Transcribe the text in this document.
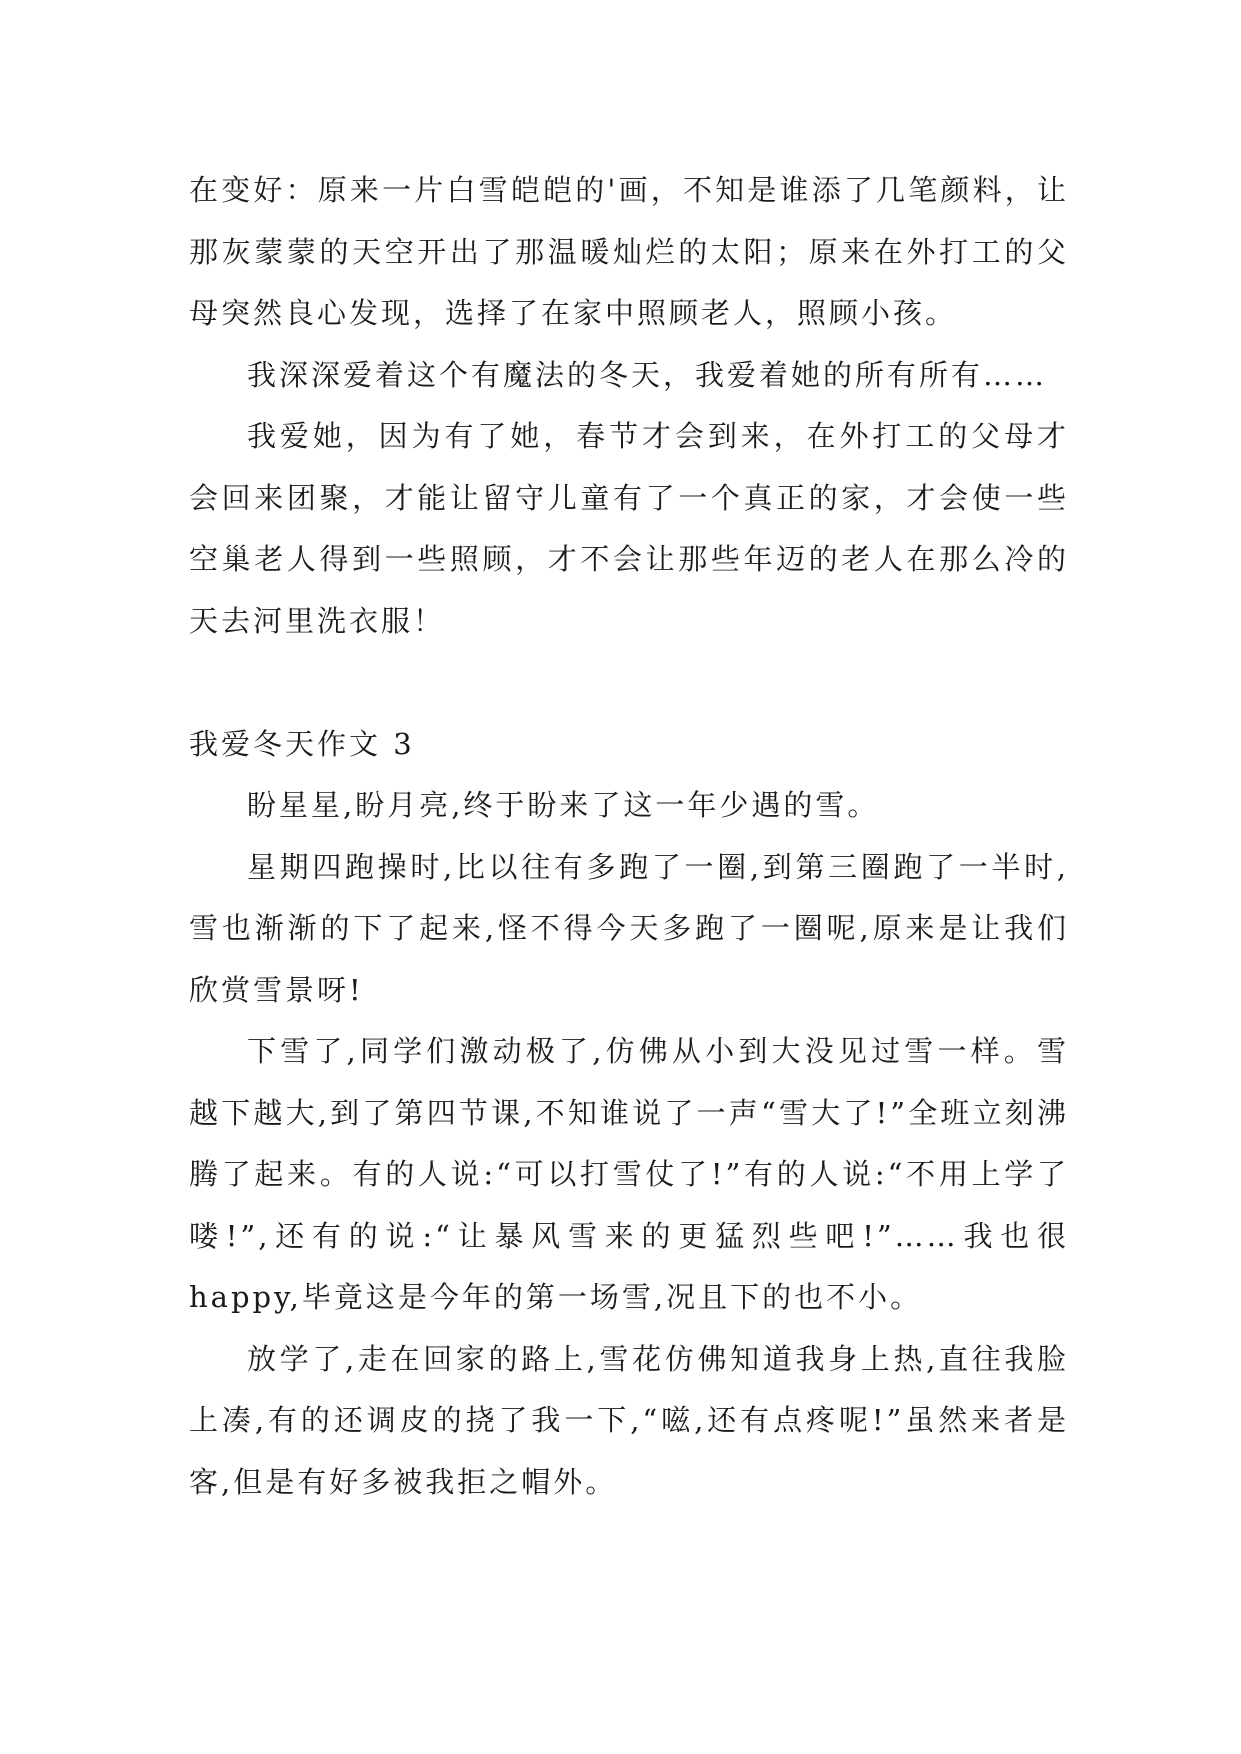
在变好：原来一片白雪皑皑的'画，不知是谁添了几笔颜料，让那灰蒙蒙的天空开出了那温暖灿烂的太阳；原来在外打工的父母突然良心发现，选择了在家中照顾老人，照顾小孩。

我深深爱着这个有魔法的冬天，我爱着她的所有所有……

我爱她，因为有了她，春节才会到来，在外打工的父母才会回来团聚，才能让留守儿童有了一个真正的家，才会使一些空巢老人得到一些照顾，才不会让那些年迈的老人在那么冷的天去河里洗衣服！

我爱冬天作文 3

盼星星,盼月亮,终于盼来了这一年少遇的雪。

星期四跑操时,比以往有多跑了一圈,到第三圈跑了一半时,雪也渐渐的下了起来,怪不得今天多跑了一圈呢,原来是让我们欣赏雪景呀!

下雪了,同学们激动极了,仿佛从小到大没见过雪一样。雪越下越大,到了第四节课,不知谁说了一声“雪大了!”全班立刻沸腾了起来。有的人说:“可以打雪仗了!”有的人说:“不用上学了喽!”,还有的说:“让暴风雪来的更猛烈些吧!”……我也很 happy,毕竟这是今年的第一场雪,况且下的也不小。

放学了,走在回家的路上,雪花仿佛知道我身上热,直往我脸上凑,有的还调皮的挠了我一下,“嗞,还有点疼呢!”虽然来者是客,但是有好多被我拒之帽外。
